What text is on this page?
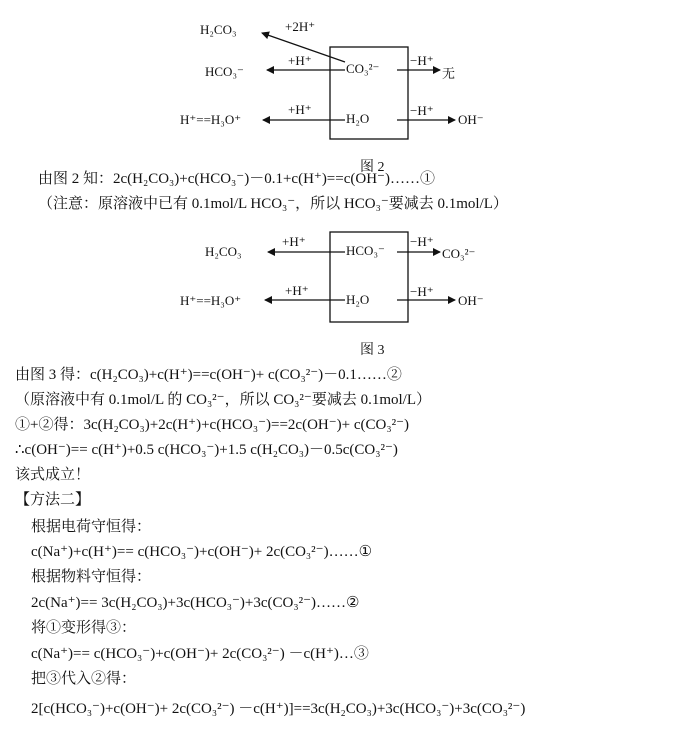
H₂CO₃	+2H⁺
HCO₃⁻
+H⁺
CO₃²⁻
−H⁺
无
H⁺==H₃O⁺
+H⁺
H₂O
−H⁺
OH⁻
图 2
由图 2 知：2c(H₂CO₃)+c(HCO₃⁻)－0.1+c(H⁺)==c(OH⁻)……①
（注意：原溶液中已有 0.1mol/L HCO₃⁻，所以 HCO₃⁻要减去 0.1mol/L）
H₂CO₃
+H⁺
HCO₃⁻
−H⁺
CO₃²⁻
H⁺==H₃O⁺
+H⁺
H₂O
−H⁺
OH⁻
图 3
由图 3 得：c(H₂CO₃)+c(H⁺)==c(OH⁻)+ c(CO₃²⁻)－0.1……②
（原溶液中有 0.1mol/L 的 CO₃²⁻，所以 CO₃²⁻要减去 0.1mol/L）
①+②得：3c(H₂CO₃)+2c(H⁺)+c(HCO₃⁻)==2c(OH⁻)+ c(CO₃²⁻)
∴c(OH⁻)== c(H⁺)+0.5 c(HCO₃⁻)+1.5 c(H₂CO₃)－0.5c(CO₃²⁻)
该式成立！
【方法二】
根据电荷守恒得：
c(Na⁺)+c(H⁺)== c(HCO₃⁻)+c(OH⁻)+ 2c(CO₃²⁻)……①
根据物料守恒得：
2c(Na⁺)== 3c(H₂CO₃)+3c(HCO₃⁻)+3c(CO₃²⁻)……②
将①变形得③：
c(Na⁺)== c(HCO₃⁻)+c(OH⁻)+ 2c(CO₃²⁻) －c(H⁺)…③
把③代入②得：
2[c(HCO₃⁻)+c(OH⁻)+ 2c(CO₃²⁻) －c(H⁺)]==3c(H₂CO₃)+3c(HCO₃⁻)+3c(CO₃²⁻)
